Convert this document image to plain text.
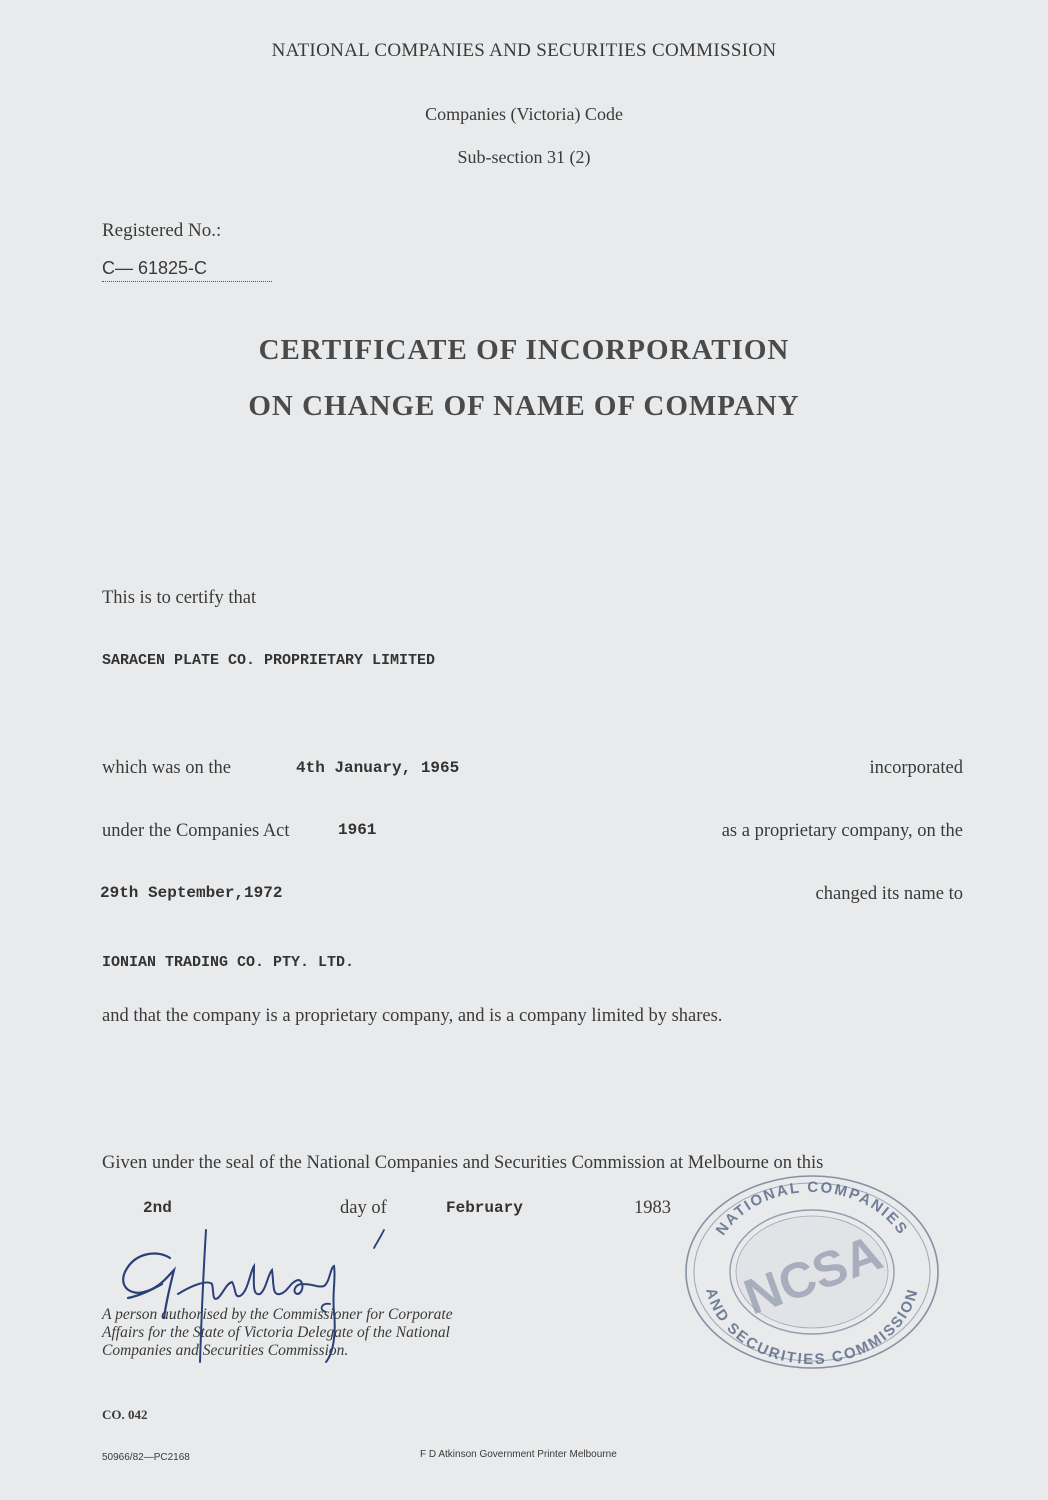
NATIONAL COMPANIES AND SECURITIES COMMISSION
Companies (Victoria) Code
Sub-section 31 (2)
Registered No.:
C— 61825-C
CERTIFICATE OF INCORPORATION
ON CHANGE OF NAME OF COMPANY
This is to certify that
SARACEN PLATE CO. PROPRIETARY LIMITED
which was on the	4th January, 1965	incorporated
under the Companies Act	1961	as a proprietary company, on the
29th September,1972	changed its name to
IONIAN TRADING CO. PTY. LTD.
and that the company is a proprietary company, and is a company limited by shares.
Given under the seal of the National Companies and Securities Commission at Melbourne on this
2nd	day of	February	1983
A person authorised by the Commissioner for Corporate
Affairs for the State of Victoria Delegate of the National
Companies and Securities Commission.
NATIONAL COMPANIES
AND SECURITIES COMMISSION
NCSA
CO. 042
50966/82—PC2168	F D Atkinson Government Printer Melbourne
